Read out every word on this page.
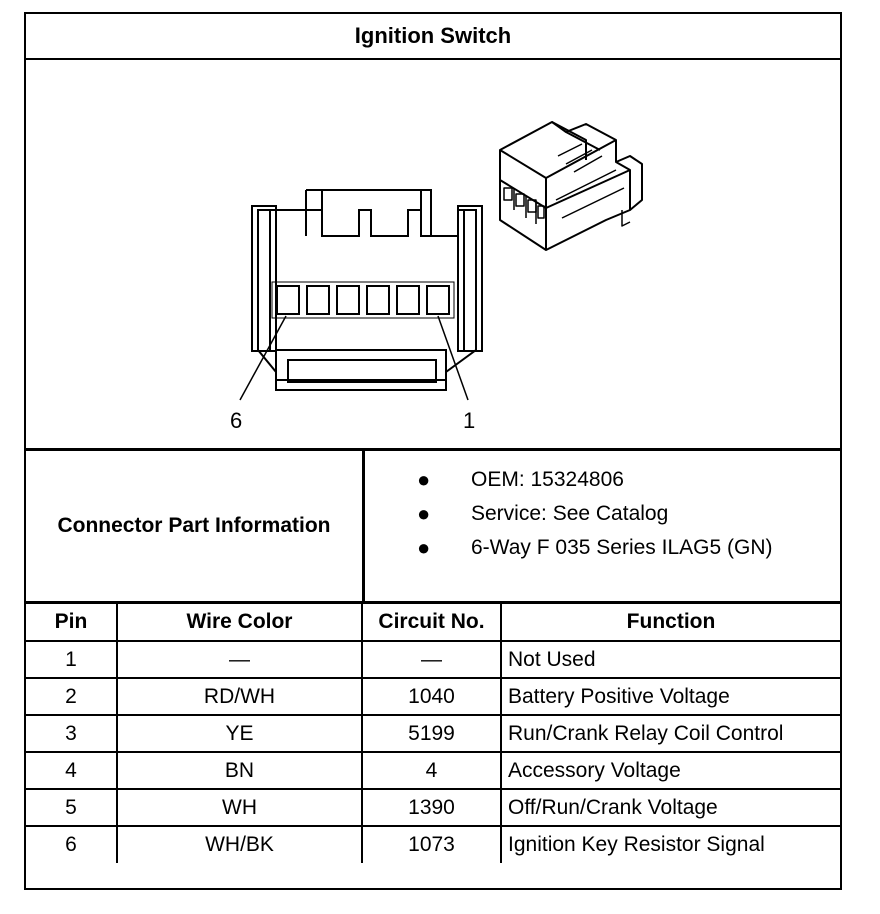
Ignition Switch
6	1
Connector Part Information
● OEM: 15324806
● Service: See Catalog
● 6-Way F 035 Series ILAG5 (GN)
Pin	Wire Color	Circuit No.	Function
1	—	—	Not Used
2	RD/WH	1040	Battery Positive Voltage
3	YE	5199	Run/Crank Relay Coil Control
4	BN	4	Accessory Voltage
5	WH	1390	Off/Run/Crank Voltage
6	WH/BK	1073	Ignition Key Resistor Signal
